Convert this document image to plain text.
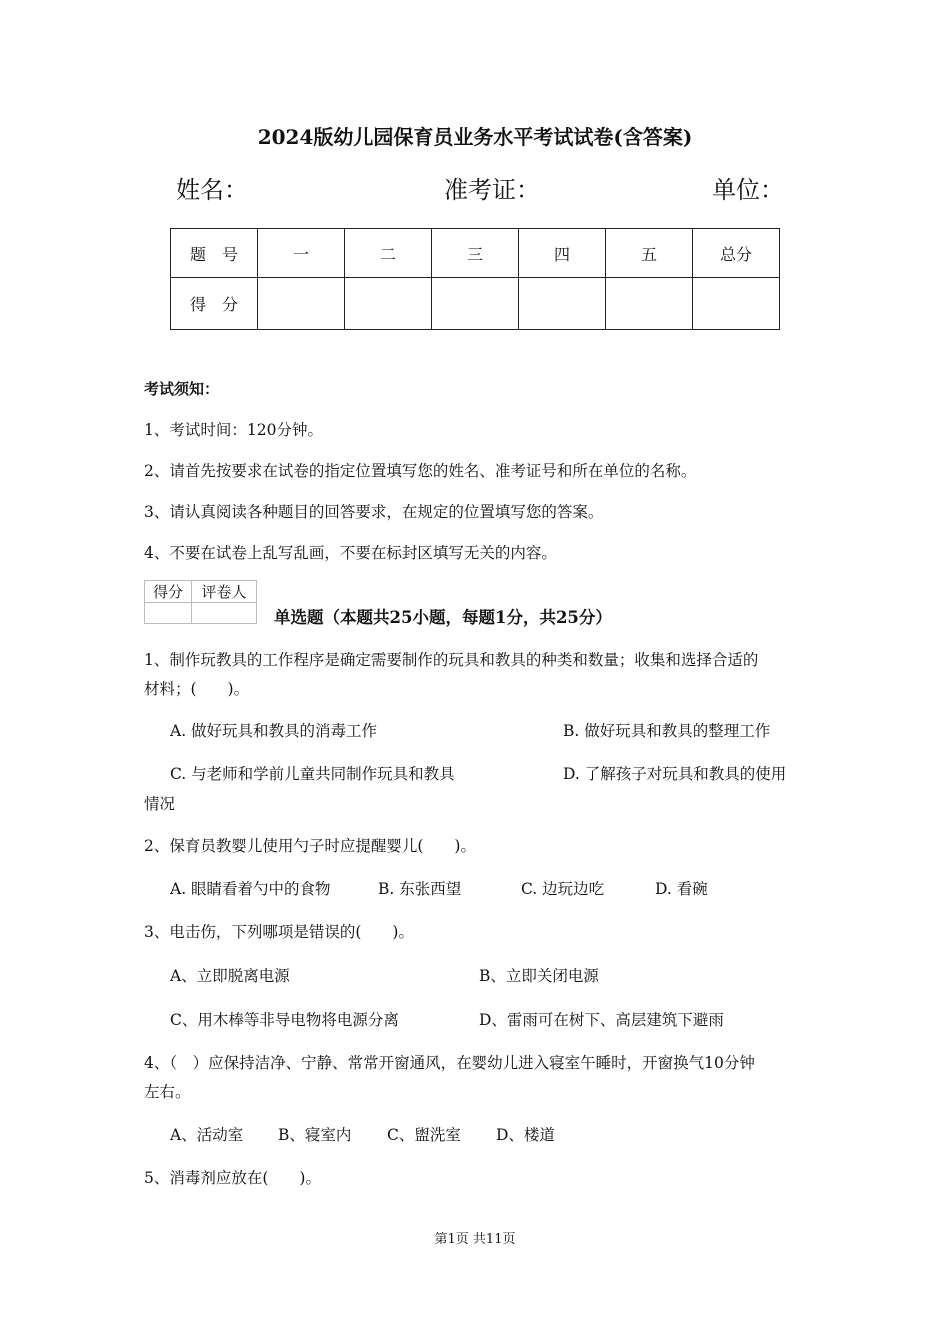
2024版幼儿园保育员业务水平考试试卷(含答案)
姓名：	准考证：	单位：
题　号	一	二	三	四	五	总分
得　分						
考试须知：
1、考试时间：120分钟。
2、请首先按要求在试卷的指定位置填写您的姓名、准考证号和所在单位的名称。
3、请认真阅读各种题目的回答要求，在规定的位置填写您的答案。
4、不要在试卷上乱写乱画，不要在标封区填写无关的内容。
得分	评卷人

单选题（本题共25小题，每题1分，共25分）
1、制作玩教具的工作程序是确定需要制作的玩具和教具的种类和数量；收集和选择合适的
材料；(　　)。
A. 做好玩具和教具的消毒工作	B. 做好玩具和教具的整理工作
C. 与老师和学前儿童共同制作玩具和教具	D. 了解孩子对玩具和教具的使用
情况
2、保育员教婴儿使用勺子时应提醒婴儿(　　)。
A. 眼睛看着勺中的食物	B. 东张西望	C. 边玩边吃	D. 看碗
3、电击伤，下列哪项是错误的(　　)。
A、立即脱离电源	B、立即关闭电源
C、用木棒等非导电物将电源分离	D、雷雨可在树下、高层建筑下避雨
4、（　）应保持洁净、宁静、常常开窗通风，在婴幼儿进入寝室午睡时，开窗换气10分钟
左右。
A、活动室 B、寝室内 C、盥洗室 D、楼道
5、消毒剂应放在(　　)。
第1页 共11页
